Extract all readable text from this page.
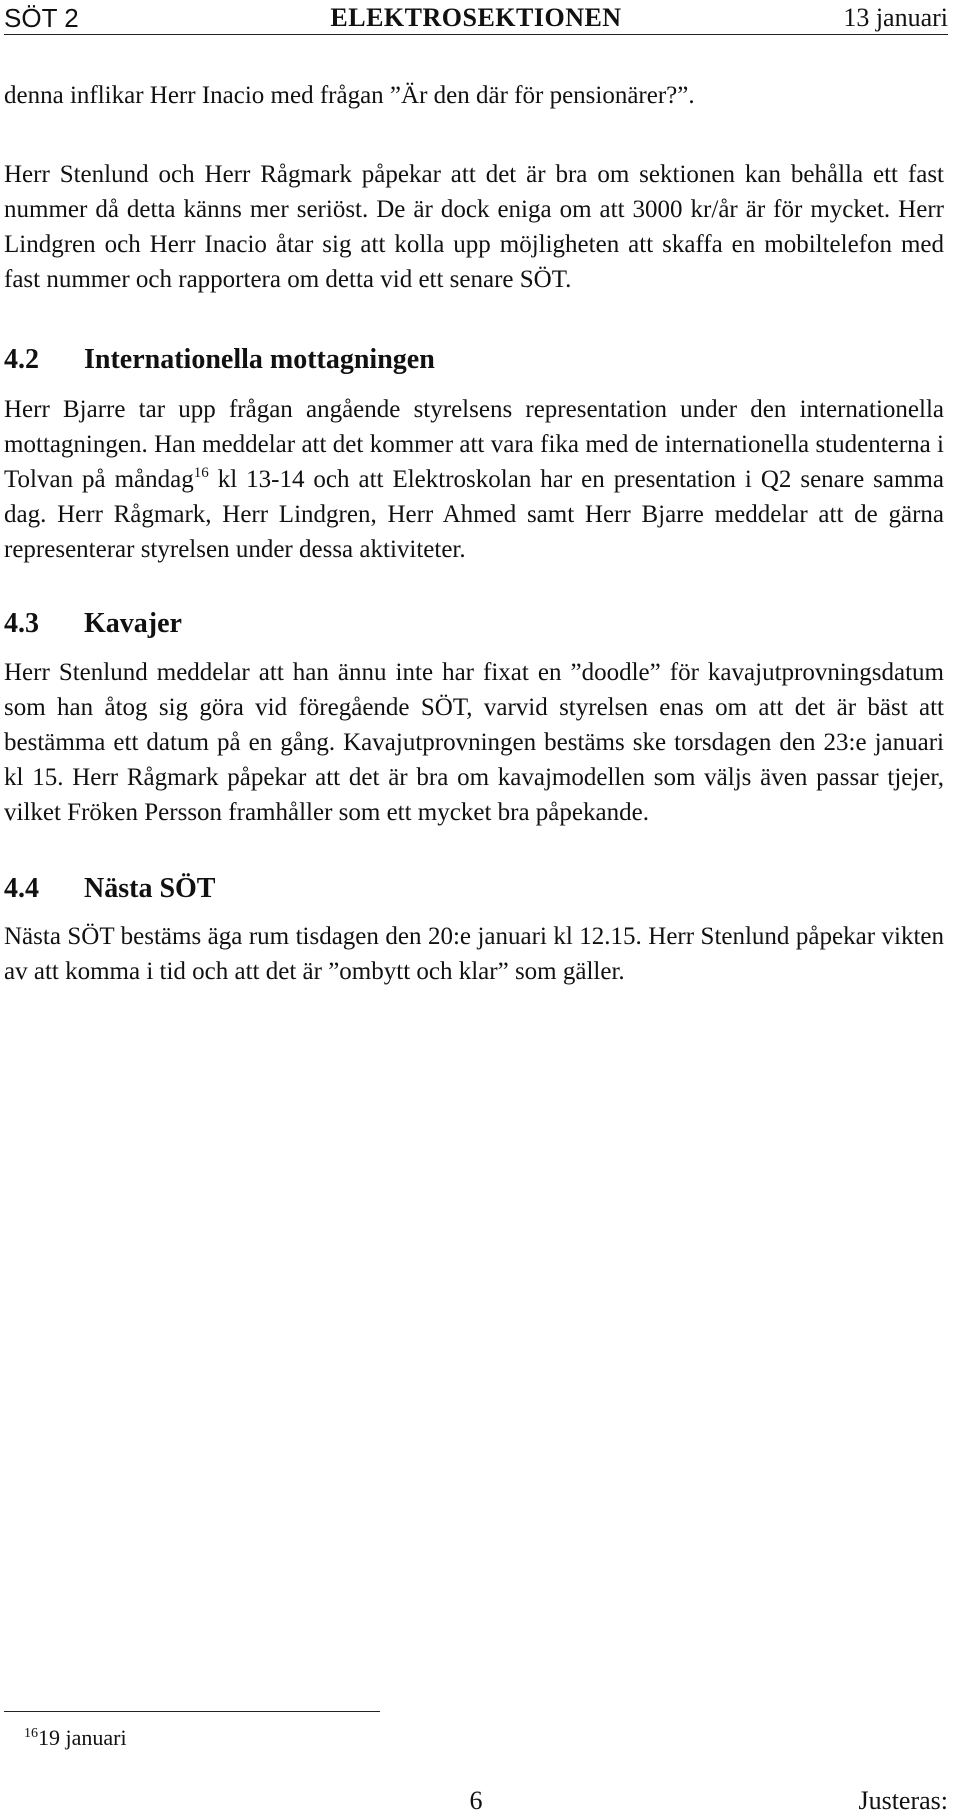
SÖT 2	ELEKTROSEKTIONEN	13 januari

denna inflikar Herr Inacio med frågan ”Är den där för pensionärer?”.

Herr Stenlund och Herr Rågmark påpekar att det är bra om sektionen kan behålla ett fast nummer då detta känns mer seriöst. De är dock eniga om att 3000 kr/år är för mycket. Herr Lindgren och Herr Inacio åtar sig att kolla upp möjligheten att skaffa en mobiltelefon med fast nummer och rapportera om detta vid ett senare SÖT.

4.2 Internationella mottagningen

Herr Bjarre tar upp frågan angående styrelsens representation under den internationella mottagningen. Han meddelar att det kommer att vara fika med de internationella studenterna i Tolvan på måndag$^{16}$ kl 13-14 och att Elektroskolan har en presentation i Q2 senare samma dag. Herr Rågmark, Herr Lindgren, Herr Ahmed samt Herr Bjarre meddelar att de gärna representerar styrelsen under dessa aktiviteter.

4.3 Kavajer

Herr Stenlund meddelar att han ännu inte har fixat en ”doodle” för kavajutprovningsdatum som han åtog sig göra vid föregående SÖT, varvid styrelsen enas om att det är bäst att bestämma ett datum på en gång. Kavajutprovningen bestäms ske torsdagen den 23:e januari kl 15. Herr Rågmark påpekar att det är bra om kavajmodellen som väljs även passar tjejer, vilket Fröken Persson framhåller som ett mycket bra påpekande.

4.4 Nästa SÖT

Nästa SÖT bestäms äga rum tisdagen den 20:e januari kl 12.15. Herr Stenlund påpekar vikten av att komma i tid och att det är ”ombytt och klar” som gäller.

$^{16}$19 januari
6	Justeras:
